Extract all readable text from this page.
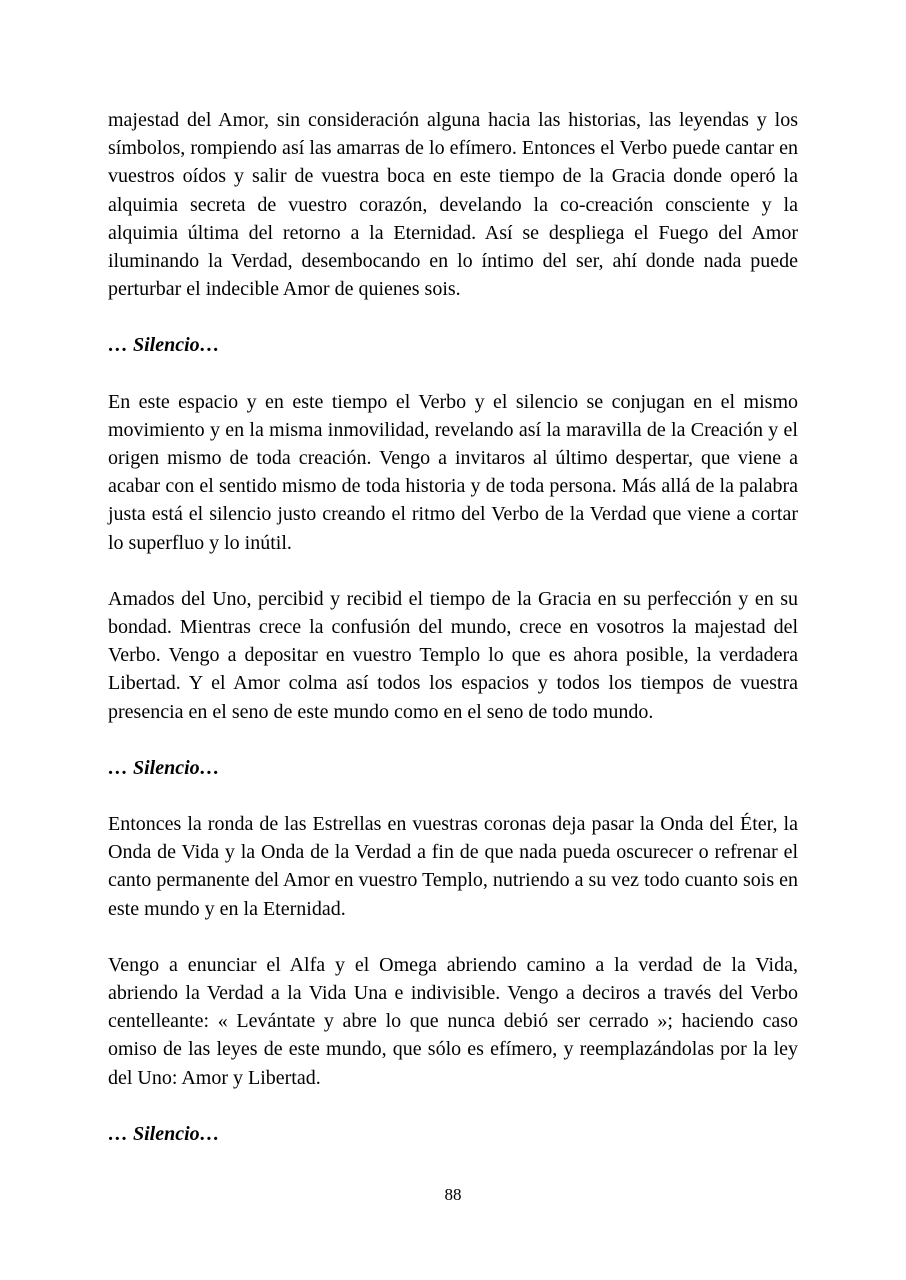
majestad del Amor, sin consideración alguna hacia las historias, las leyendas y los símbolos, rompiendo así las amarras de lo efímero. Entonces el Verbo puede cantar en vuestros oídos y salir de vuestra boca en este tiempo de la Gracia donde operó la alquimia secreta de vuestro corazón, develando la co-creación consciente y la alquimia última del retorno a la Eternidad. Así se despliega el Fuego del Amor iluminando la Verdad, desembocando en lo íntimo del ser, ahí donde nada puede perturbar el indecible Amor de quienes sois.

… Silencio…

En este espacio y en este tiempo el Verbo y el silencio se conjugan en el mismo movimiento y en la misma inmovilidad, revelando así la maravilla de la Creación y el origen mismo de toda creación. Vengo a invitaros al último despertar, que viene a acabar con el sentido mismo de toda historia y de toda persona. Más allá de la palabra justa está el silencio justo creando el ritmo del Verbo de la Verdad que viene a cortar lo superfluo y lo inútil.

Amados del Uno, percibid y recibid el tiempo de la Gracia en su perfección y en su bondad. Mientras crece la confusión del mundo, crece en vosotros la majestad del Verbo. Vengo a depositar en vuestro Templo lo que es ahora posible, la verdadera Libertad. Y el Amor colma así todos los espacios y todos los tiempos de vuestra presencia en el seno de este mundo como en el seno de todo mundo.

… Silencio…

Entonces la ronda de las Estrellas en vuestras coronas deja pasar la Onda del Éter, la Onda de Vida y la Onda de la Verdad a fin de que nada pueda oscurecer o refrenar el canto permanente del Amor en vuestro Templo, nutriendo a su vez todo cuanto sois en este mundo y en la Eternidad.

Vengo a enunciar el Alfa y el Omega abriendo camino a la verdad de la Vida, abriendo la Verdad a la Vida Una e indivisible. Vengo a deciros a través del Verbo centelleante: « Levántate y abre lo que nunca debió ser cerrado »; haciendo caso omiso de las leyes de este mundo, que sólo es efímero, y reemplazándolas por la ley del Uno: Amor y Libertad.

… Silencio…

88
